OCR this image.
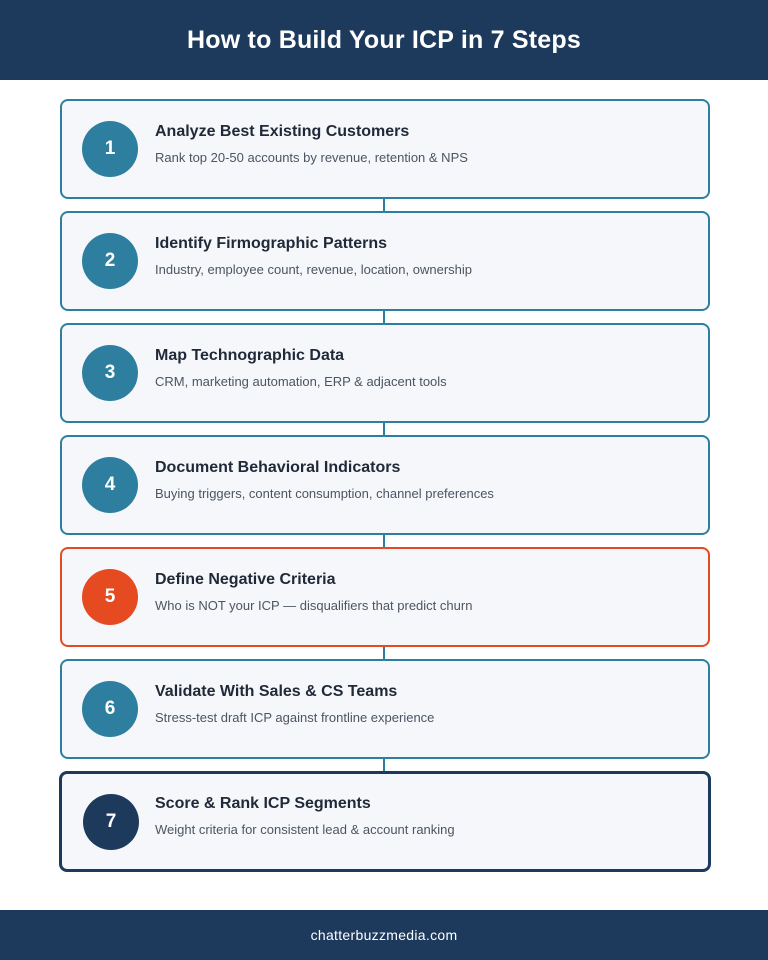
How to Build Your ICP in 7 Steps
1
Analyze Best Existing Customers
Rank top 20-50 accounts by revenue, retention & NPS
2
Identify Firmographic Patterns
Industry, employee count, revenue, location, ownership
3
Map Technographic Data
CRM, marketing automation, ERP & adjacent tools
4
Document Behavioral Indicators
Buying triggers, content consumption, channel preferences
5
Define Negative Criteria
Who is NOT your ICP — disqualifiers that predict churn
6
Validate With Sales & CS Teams
Stress-test draft ICP against frontline experience
7
Score & Rank ICP Segments
Weight criteria for consistent lead & account ranking
chatterbuzzmedia.com
